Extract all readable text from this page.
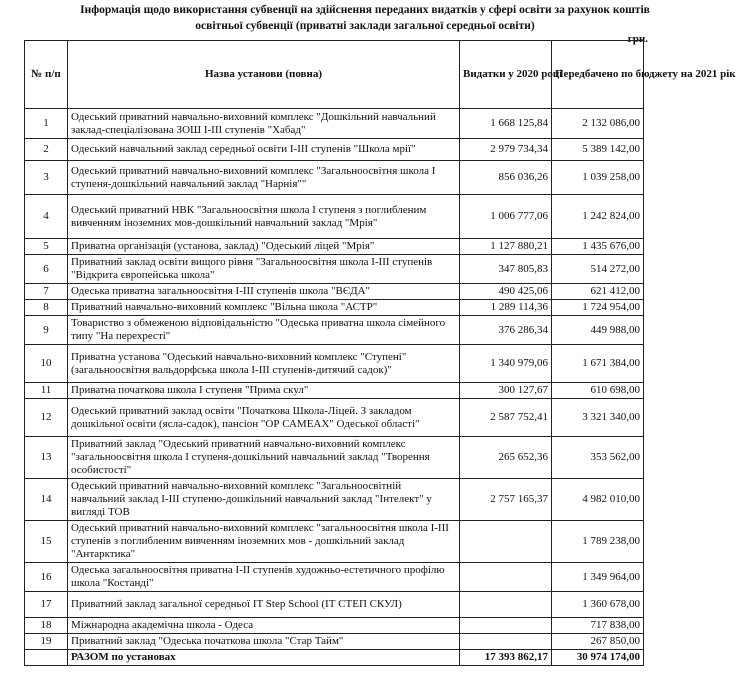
Інформація щодо використання субвенції на здійснення переданих видатків у сфері освіти за рахунок коштів освітньої субвенції (приватні заклади загальної середньої освіти)
грн.
№ п/п	Назва установи (повна)	Видатки у 2020 році	Передбачено по бюджету на 2021 рік
1	Одеський приватний навчально-виховний комплекс "Дошкільний навчальний заклад-спеціалізована ЗОШ І-ІІІ ступенів "Хабад"	1 668 125,84	2 132 086,00
2	Одеський навчальний заклад середньої освіти І-ІІІ ступенів "Школа мрії"	2 979 734,34	5 389 142,00
3	Одеський приватний навчально-виховний комплекс "Загальноосвітня школа І ступеня-дошкільний навчальний заклад "Нарнія""	856 036,26	1 039 258,00
4	Одеський приватний НВК "Загальноосвітня школа І ступеня з поглибленим вивченням іноземних мов-дошкільний навчальний заклад "Мрія"	1 006 777,06	1 242 824,00
5	Приватна організація (установа, заклад) "Одеський ліцей "Мрія"	1 127 880,21	1 435 676,00
6	Приватний заклад освіти вищого рівня "Загальноосвітня школа І-ІІІ ступенів "Відкрита європейська школа"	347 805,83	514 272,00
7	Одеська приватна загальноосвітня І-ІІІ ступенів школа "ВЄДА"	490 425,06	621 412,00
8	Приватний навчально-виховний комплекс "Вільна школа "АСТР"	1 289 114,36	1 724 954,00
9	Товариство з обмеженою відповідальністю "Одеська приватна школа сімейного типу "На перехресті"	376 286,34	449 988,00
10	Приватна установа "Одеський навчально-виховний комплекс "Ступені" (загальноосвітня вальдорфська школа І-ІІІ ступенів-дитячий садок)"	1 340 979,06	1 671 384,00
11	Приватна початкова школа І ступеня "Прима скул"	300 127,67	610 698,00
12	Одеський приватний заклад освіти "Початкова Школа-Ліцей. З закладом дошкільної освіти (ясла-садок), пансіон "ОР САМЕАХ" Одеської області"	2 587 752,41	3 321 340,00
13	Приватний заклад "Одеський приватний навчально-виховний комплекс "загальноосвітня школа І ступеня-дошкільний навчальний заклад "Творення особистості"	265 652,36	353 562,00
14	Одеський приватний навчально-виховний комплекс "Загальноосвітній навчальний заклад І-ІІІ ступеню-дошкільний навчальний заклад "Інтелект" у вигляді ТОВ	2 757 165,37	4 982 010,00
15	Одеський приватний навчально-виховний комплекс "загальноосвітня школа І-ІІІ ступенів з поглибленим вивченням іноземних мов - дошкільний заклад "Антарктика"		1 789 238,00
16	Одеська загальноосвітня приватна І-ІІ ступенів художньо-естетичного профілю школа "Костанді"		1 349 964,00
17	Приватний заклад загальної середньої IT Step School (ІТ СТЕП СКУЛ)		1 360 678,00
18	Міжнародна академічна школа - Одеса		717 838,00
19	Приватний заклад "Одеська початкова школа "Стар Тайм"		267 850,00
	РАЗОМ по установах	17 393 862,17	30 974 174,00
